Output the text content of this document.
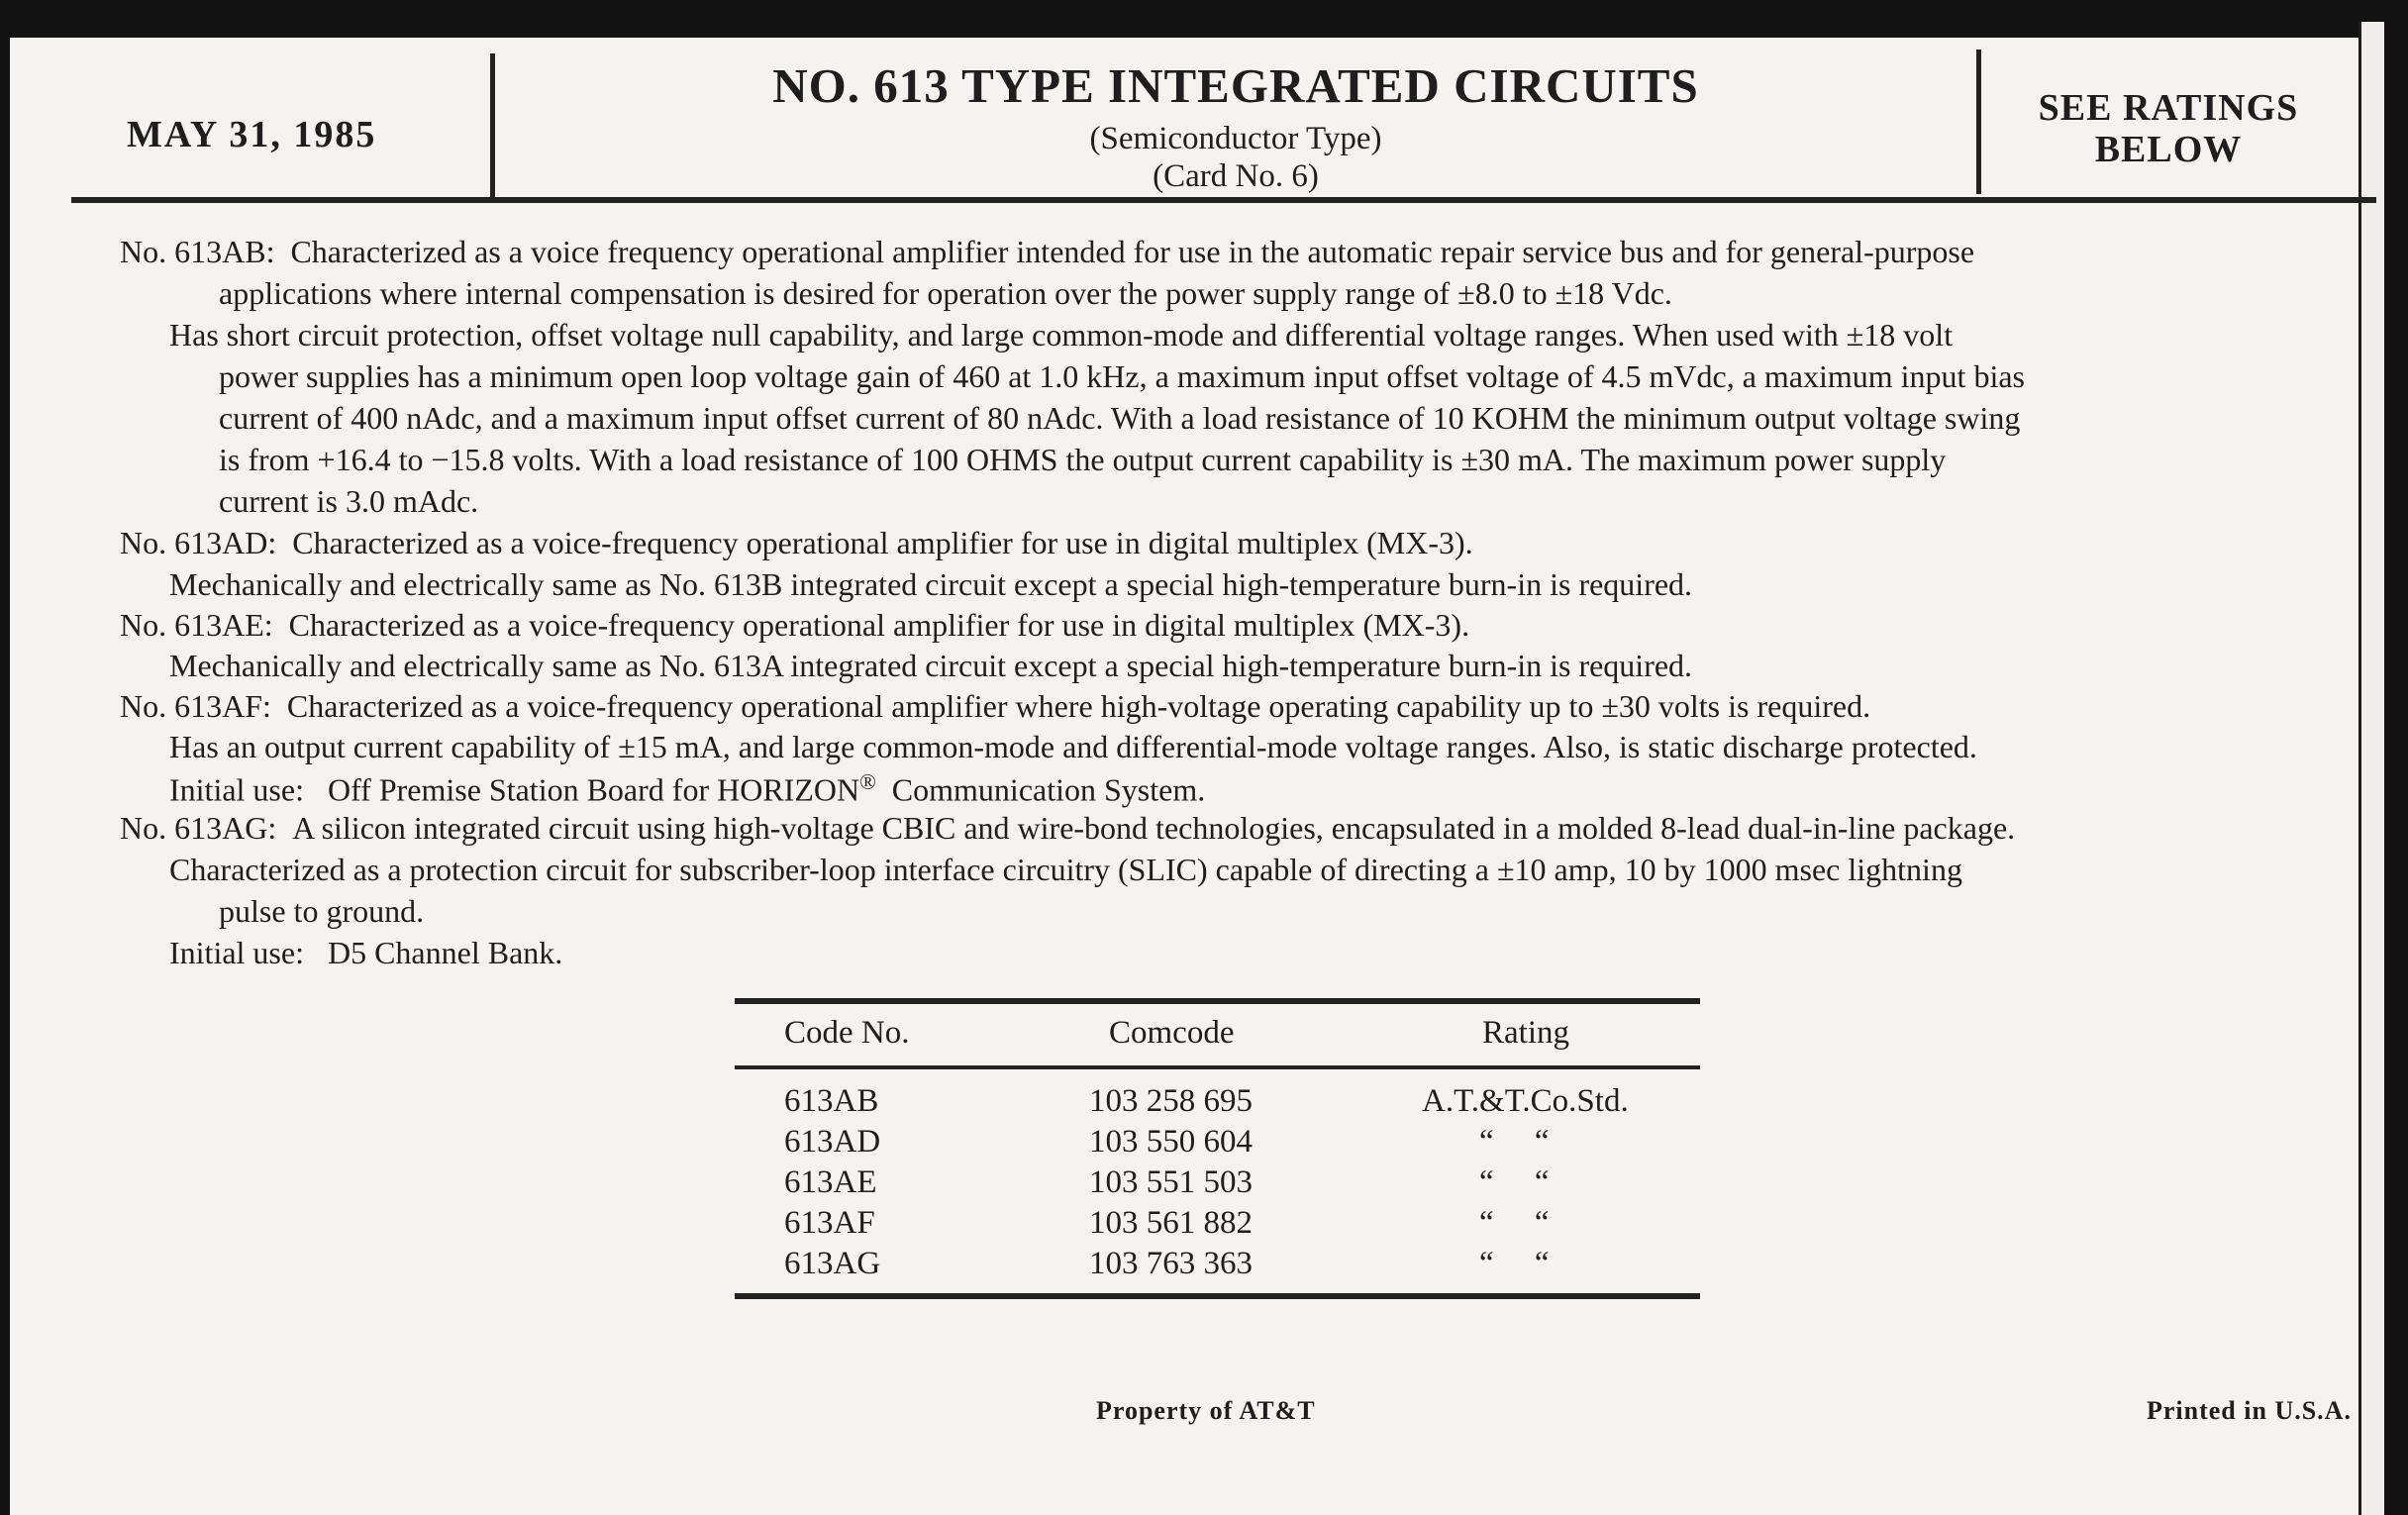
MAY 31, 1985
NO. 613 TYPE INTEGRATED CIRCUITS
(Semiconductor Type)
(Card No. 6)
SEE RATINGS
BELOW
No. 613AB: Characterized as a voice frequency operational amplifier intended for use in the automatic repair service bus and for general-purpose
applications where internal compensation is desired for operation over the power supply range of ±8.0 to ±18 Vdc.
Has short circuit protection, offset voltage null capability, and large common-mode and differential voltage ranges. When used with ±18 volt
power supplies has a minimum open loop voltage gain of 460 at 1.0 kHz, a maximum input offset voltage of 4.5 mVdc, a maximum input bias
current of 400 nAdc, and a maximum input offset current of 80 nAdc. With a load resistance of 10 KOHM the minimum output voltage swing
is from +16.4 to −15.8 volts. With a load resistance of 100 OHMS the output current capability is ±30 mA. The maximum power supply
current is 3.0 mAdc.
No. 613AD: Characterized as a voice-frequency operational amplifier for use in digital multiplex (MX-3).
Mechanically and electrically same as No. 613B integrated circuit except a special high-temperature burn-in is required.
No. 613AE: Characterized as a voice-frequency operational amplifier for use in digital multiplex (MX-3).
Mechanically and electrically same as No. 613A integrated circuit except a special high-temperature burn-in is required.
No. 613AF: Characterized as a voice-frequency operational amplifier where high-voltage operating capability up to ±30 volts is required.
Has an output current capability of ±15 mA, and large common-mode and differential-mode voltage ranges. Also, is static discharge protected.
Initial use: Off Premise Station Board for HORIZON® Communication System.
No. 613AG: A silicon integrated circuit using high-voltage CBIC and wire-bond technologies, encapsulated in a molded 8-lead dual-in-line package.
Characterized as a protection circuit for subscriber-loop interface circuitry (SLIC) capable of directing a ±10 amp, 10 by 1000 msec lightning
pulse to ground.
Initial use: D5 Channel Bank.
Code No.	Comcode	Rating
613AB	103 258 695	A.T.&T.Co.Std.
613AD	103 550 604	“     “
613AE	103 551 503	“     “
613AF	103 561 882	“     “
613AG	103 763 363	“     “
Property of AT&T	Printed in U.S.A.
